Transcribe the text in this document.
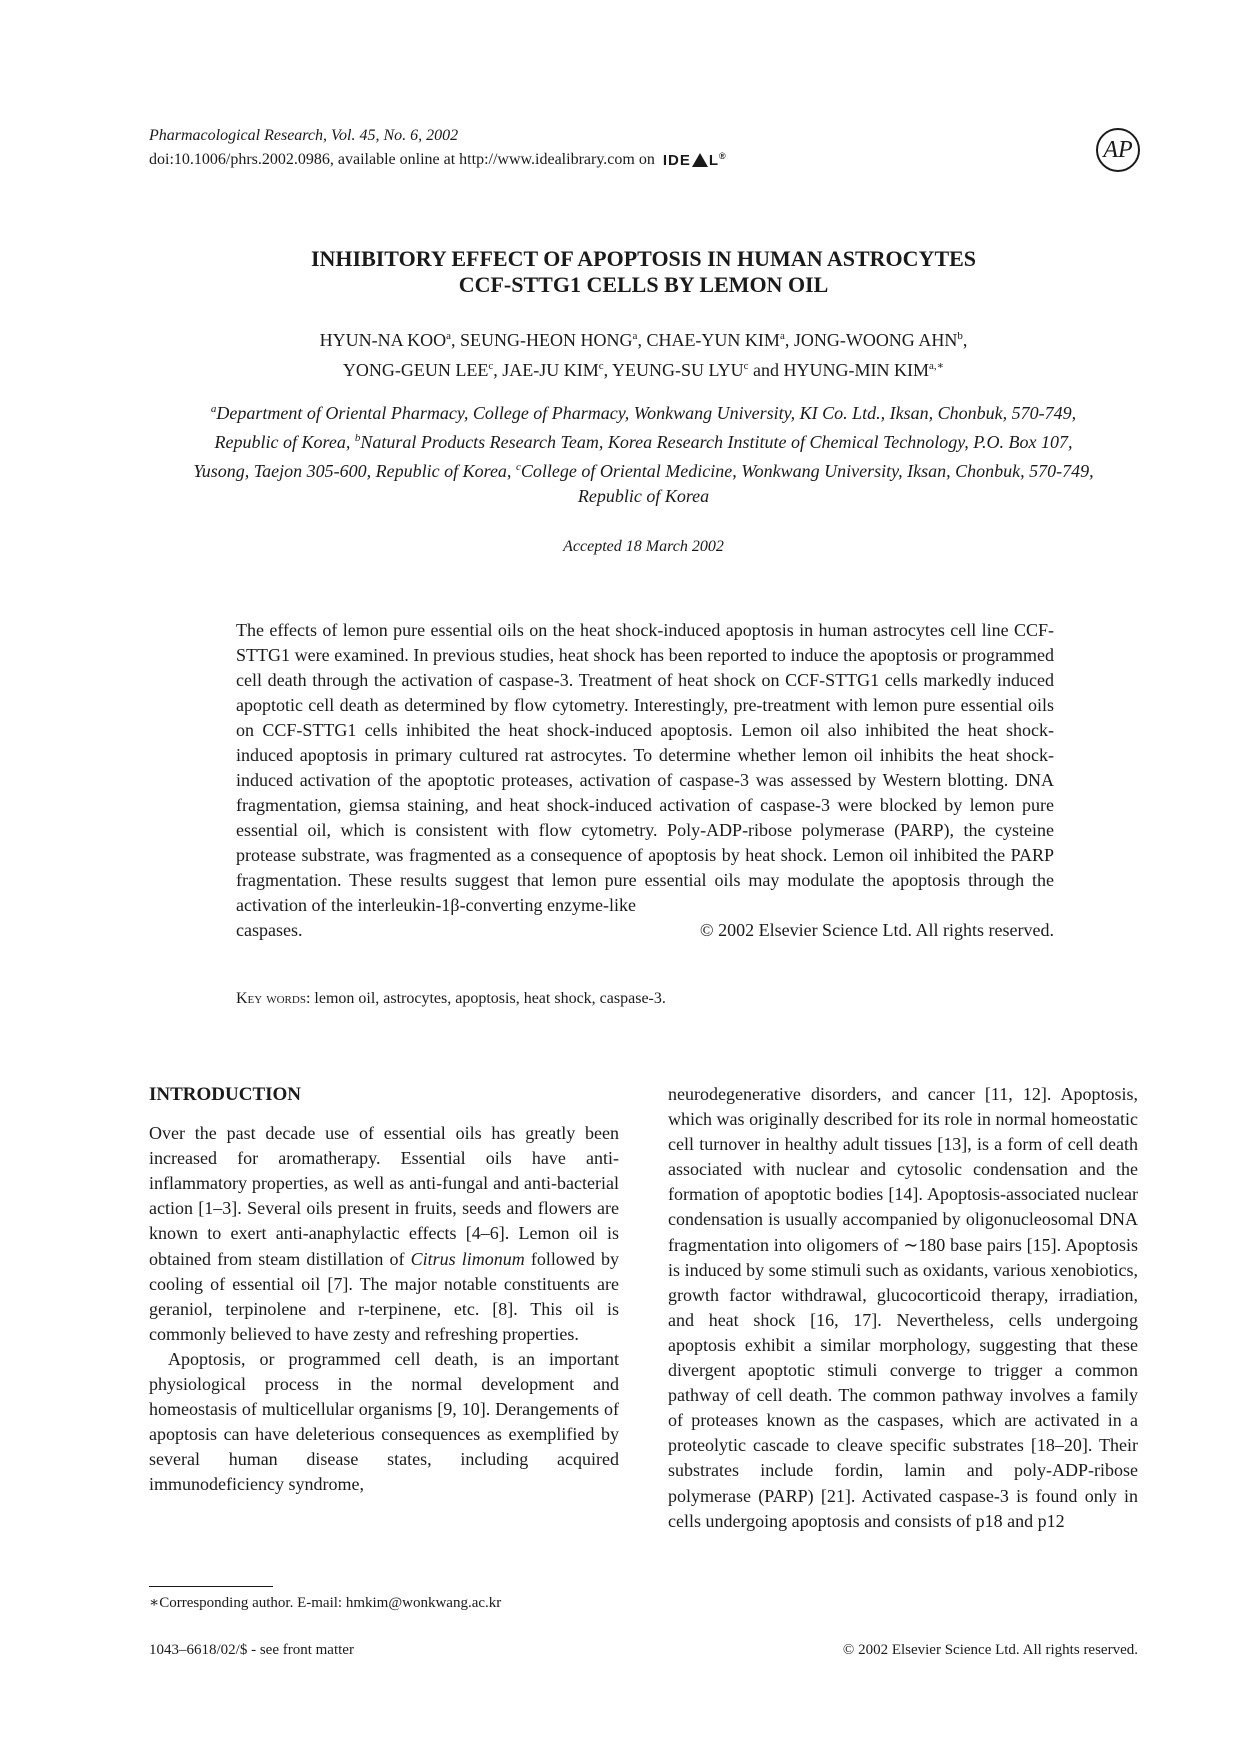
Pharmacological Research, Vol. 45, No. 6, 2002
doi:10.1006/phrs.2002.0986, available online at http://www.idealibrary.com on IDE L®	AP
INHIBITORY EFFECT OF APOPTOSIS IN HUMAN ASTROCYTES
CCF-STTG1 CELLS BY LEMON OIL
HYUN-NA KOO$^a$, SEUNG-HEON HONG$^a$, CHAE-YUN KIM$^a$, JONG-WOONG AHN$^b$,
YONG-GEUN LEE$^c$, JAE-JU KIM$^c$, YEUNG-SU LYU$^c$ and HYUNG-MIN $KIM^{a,∗}$
$^a$Department of Oriental Pharmacy, College of Pharmacy, Wonkwang University, KI Co. Ltd., Iksan, Chonbuk, 570-749, Republic of Korea, $^b$Natural Products Research Team, Korea Research Institute of Chemical Technology, P.O. Box 107, Yusong, Taejon 305-600, Republic of Korea, $^c$College of Oriental Medicine, Wonkwang University, Iksan, Chonbuk, 570-749, Republic of Korea
Accepted 18 March 2002
The effects of lemon pure essential oils on the heat shock-induced apoptosis in human astrocytes cell line CCF-STTG1 were examined. In previous studies, heat shock has been reported to induce the apoptosis or programmed cell death through the activation of caspase-3. Treatment of heat shock on CCF-STTG1 cells markedly induced apoptotic cell death as determined by flow cytometry. Interestingly, pre-treatment with lemon pure essential oils on CCF-STTG1 cells inhibited the heat shock-induced apoptosis. Lemon oil also inhibited the heat shock-induced apoptosis in primary cultured rat astrocytes. To determine whether lemon oil inhibits the heat shock-induced activation of the apoptotic proteases, activation of caspase-3 was assessed by Western blotting. DNA fragmentation, giemsa staining, and heat shock-induced activation of caspase-3 were blocked by lemon pure essential oil, which is consistent with flow cytometry. Poly-ADP-ribose polymerase (PARP), the cysteine protease substrate, was fragmented as a consequence of apoptosis by heat shock. Lemon oil inhibited the PARP fragmentation. These results suggest that lemon pure essential oils may modulate the apoptosis through the activation of the interleukin-1β-converting enzyme-like
caspases.	© 2002 Elsevier Science Ltd. All rights reserved.
Key words: lemon oil, astrocytes, apoptosis, heat shock, caspase-3.
INTRODUCTION

Over the past decade use of essential oils has greatly been increased for aromatherapy. Essential oils have anti-inflammatory properties, as well as anti-fungal and anti-bacterial action [1–3]. Several oils present in fruits, seeds and flowers are known to exert anti-anaphylactic effects [4–6]. Lemon oil is obtained from steam distillation of Citrus limonum followed by cooling of essential oil [7]. The major notable constituents are geraniol, terpinolene and r-terpinene, etc. [8]. This oil is commonly believed to have zesty and refreshing properties.

Apoptosis, or programmed cell death, is an important physiological process in the normal development and homeostasis of multicellular organisms [9, 10]. Derangements of apoptosis can have deleterious consequences as exemplified by several human disease states, including acquired immunodeficiency syndrome,

neurodegenerative disorders, and cancer [11, 12]. Apoptosis, which was originally described for its role in normal homeostatic cell turnover in healthy adult tissues [13], is a form of cell death associated with nuclear and cytosolic condensation and the formation of apoptotic bodies [14]. Apoptosis-associated nuclear condensation is usually accompanied by oligonucleosomal DNA fragmentation into oligomers of ∼180 base pairs [15]. Apoptosis is induced by some stimuli such as oxidants, various xenobiotics, growth factor withdrawal, glucocorticoid therapy, irradiation, and heat shock [16, 17]. Nevertheless, cells undergoing apoptosis exhibit a similar morphology, suggesting that these divergent apoptotic stimuli converge to trigger a common pathway of cell death. The common pathway involves a family of proteases known as the caspases, which are activated in a proteolytic cascade to cleave specific substrates [18–20]. Their substrates include fordin, lamin and poly-ADP-ribose polymerase (PARP) [21]. Activated caspase-3 is found only in cells undergoing apoptosis and consists of p18 and p12

∗Corresponding author. E-mail: hmkim@wonkwang.ac.kr
1043–6618/02/$ - see front matter	© 2002 Elsevier Science Ltd. All rights reserved.
